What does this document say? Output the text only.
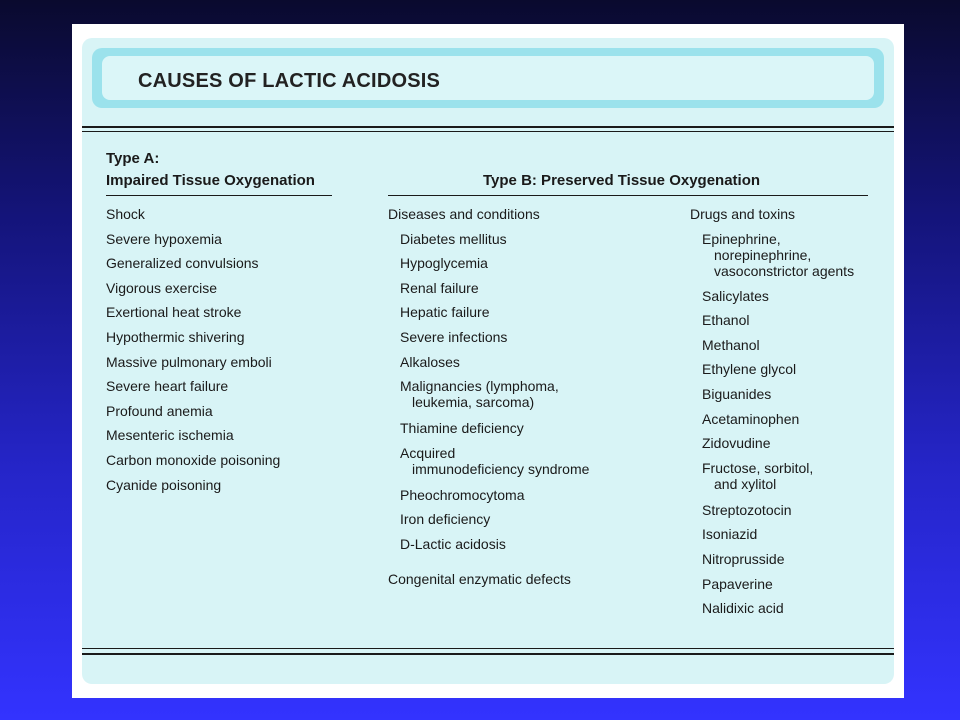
CAUSES OF LACTIC ACIDOSIS
Type A:
Impaired Tissue Oxygenation	Type B: Preserved Tissue Oxygenation
Shock
Severe hypoxemia
Generalized convulsions
Vigorous exercise
Exertional heat stroke
Hypothermic shivering
Massive pulmonary emboli
Severe heart failure
Profound anemia
Mesenteric ischemia
Carbon monoxide poisoning
Cyanide poisoning
Diseases and conditions
Diabetes mellitus
Hypoglycemia
Renal failure
Hepatic failure
Severe infections
Alkaloses
Malignancies (lymphoma,
leukemia, sarcoma)
Thiamine deficiency
Acquired
immunodeficiency syndrome
Pheochromocytoma
Iron deficiency
D-Lactic acidosis
Congenital enzymatic defects
Drugs and toxins
Epinephrine,
norepinephrine,
vasoconstrictor agents
Salicylates
Ethanol
Methanol
Ethylene glycol
Biguanides
Acetaminophen
Zidovudine
Fructose, sorbitol,
and xylitol
Streptozotocin
Isoniazid
Nitroprusside
Papaverine
Nalidixic acid
